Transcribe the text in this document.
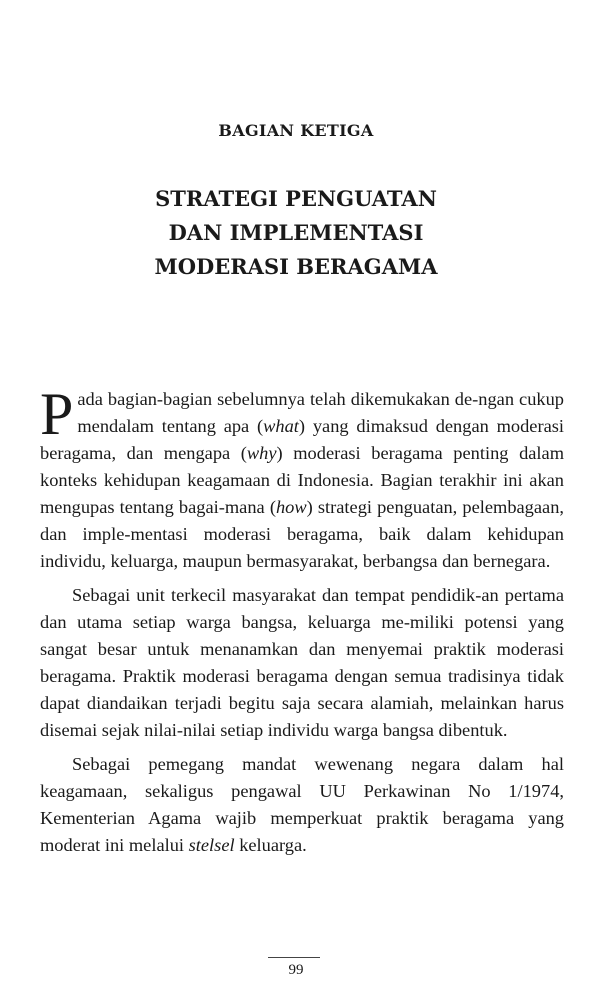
BAGIAN KETIGA
STRATEGI PENGUATAN
DAN IMPLEMENTASI
MODERASI BERAGAMA

Pada bagian-bagian sebelumnya telah dikemukakan de-ngan cukup mendalam tentang apa (what) yang dimaksud dengan moderasi beragama, dan mengapa (why) moderasi beragama penting dalam konteks kehidupan keagamaan di Indonesia. Bagian terakhir ini akan mengupas tentang bagai-mana (how) strategi penguatan, pelembagaan, dan imple-mentasi moderasi beragama, baik dalam kehidupan individu, keluarga, maupun bermasyarakat, berbangsa dan bernegara.

Sebagai unit terkecil masyarakat dan tempat pendidik-an pertama dan utama setiap warga bangsa, keluarga me-miliki potensi yang sangat besar untuk menanamkan dan menyemai praktik moderasi beragama. Praktik moderasi beragama dengan semua tradisinya tidak dapat diandaikan terjadi begitu saja secara alamiah, melainkan harus disemai sejak nilai-nilai setiap individu warga bangsa dibentuk.

Sebagai pemegang mandat wewenang negara dalam hal keagamaan, sekaligus pengawal UU Perkawinan No 1/1974, Kementerian Agama wajib memperkuat praktik beragama yang moderat ini melalui stelsel keluarga.

99
